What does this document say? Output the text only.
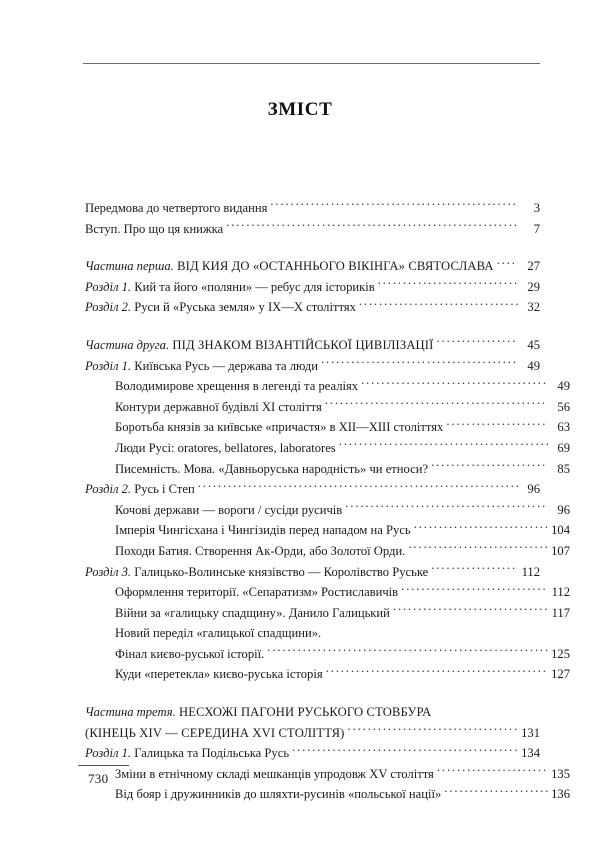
ЗМІСТ
Передмова до четвертого видання .....	3
Вступ. Про що ця книжка .....	7
Частина перша. ВІД КИЯ ДО «ОСТАННЬОГО ВІКІНГА» СВЯТОСЛАВА .....	27
Розділ 1. Кий та його «поляни» — ребус для істориків .....	29
Розділ 2. Руси й «Руська земля» у IX—X століттях .....	32
Частина друга. ПІД ЗНАКОМ ВІЗАНТІЙСЬКОЇ ЦИВІЛІЗАЦІЇ .....	45
Розділ 1. Київська Русь — держава та люди .....	49
Володимирове хрещення в легенді та реаліях .....	49
Контури державної будівлі XI століття .....	56
Боротьба князів за київське «причастя» в XII—XIII століттях .....	63
Люди Русі: oratores, bellatores, laboratores .....	69
Писемність. Мова. «Давньоруська народність» чи етноси? .....	85
Розділ 2. Русь і Степ .....	96
Кочові держави — вороги / сусіди русичів .....	96
Імперія Чингісхана і Чингізидів перед нападом на Русь .....	104
Походи Батия. Створення Ак-Орди, або Золотої Орди. .....	107
Розділ 3. Галицько-Волинське князівство — Королівство Руське .....	112
Оформлення території. «Сепаратизм» Ростиславичів .....	112
Війни за «галицьку спадщину». Данило Галицький .....	117
Новий переділ «галицької спадщини».
Фінал києво-руської історії. .....	125
Куди «перетекла» києво-руська історія .....	127
Частина третя. НЕСХОЖІ ПАГОНИ РУСЬКОГО СТОВБУРА
(КІНЕЦЬ XIV — СЕРЕДИНА XVI СТОЛІТТЯ) .....	131
Розділ 1. Галицька та Подільська Русь .....	134
Зміни в етнічному складі мешканців упродовж XV століття .....	135
Від бояр і дружинників до шляхти-русинів «польської нації» .....	136
730
